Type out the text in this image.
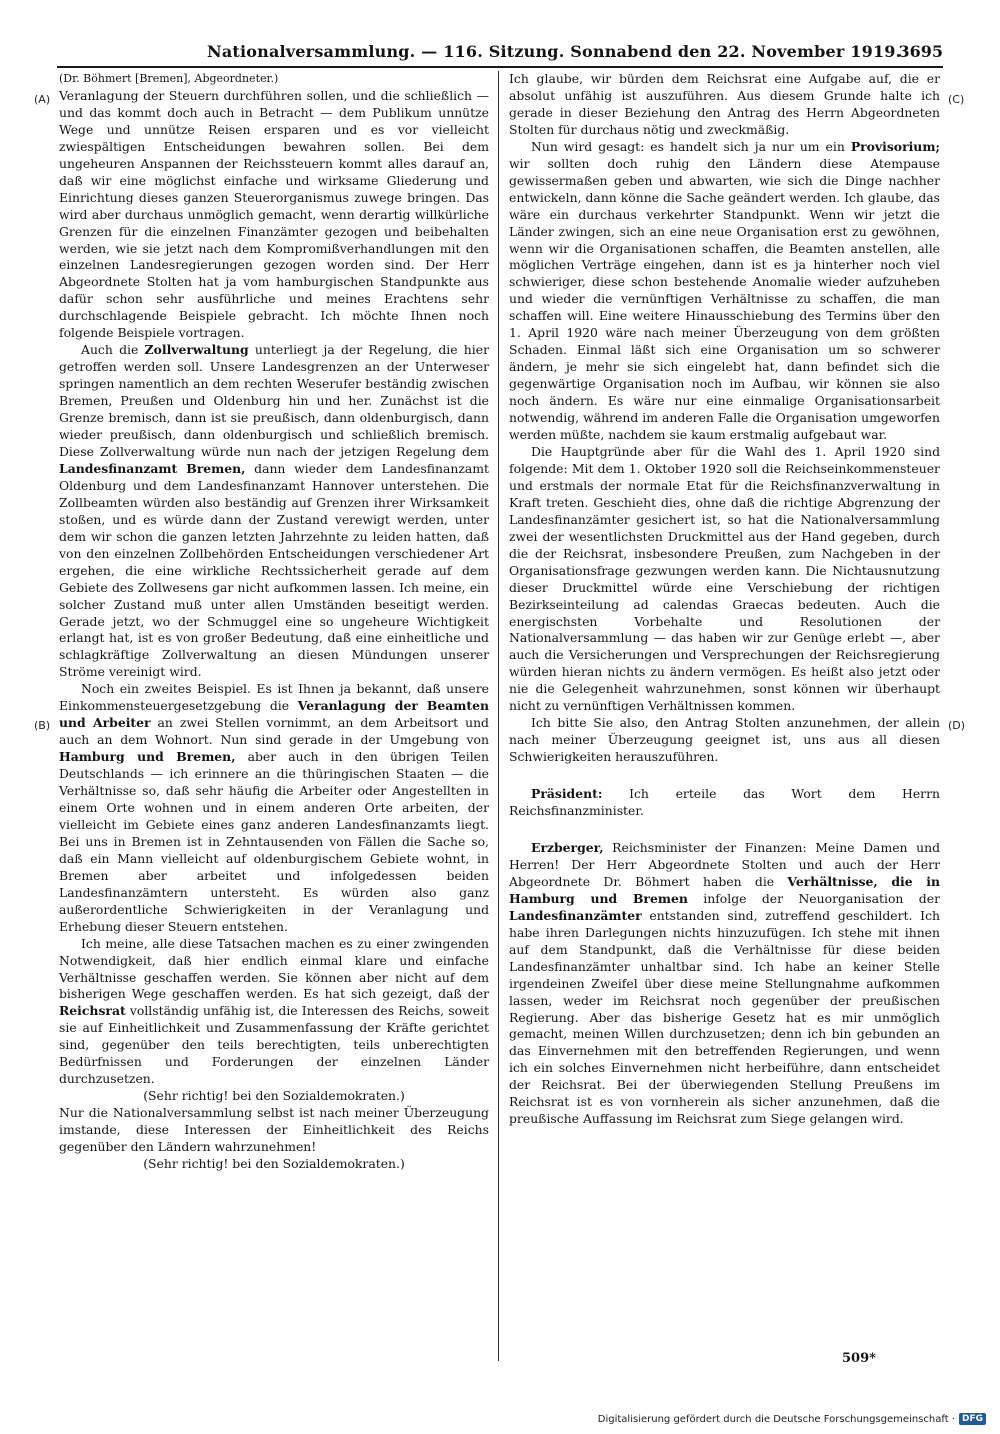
Nationalversammlung. — 116. Sitzung. Sonnabend den 22. November 1919.
3695
(A)
(B)
(C)
(D)

(Dr. Böhmert [Bremen], Abgeordneter.)

Veranlagung der Steuern durchführen sollen, und die schließlich — und das kommt doch auch in Betracht — dem Publikum unnütze Wege und unnütze Reisen ersparen und es vor vielleicht zwiespältigen Entscheidungen bewahren sollen. Bei dem ungeheuren Anspannen der Reichssteuern kommt alles darauf an, daß wir eine möglichst einfache und wirksame Gliederung und Einrichtung dieses ganzen Steuerorganismus zuwege bringen. Das wird aber durchaus unmöglich gemacht, wenn derartig willkürliche Grenzen für die einzelnen Finanzämter gezogen und beibehalten werden, wie sie jetzt nach dem Kompromißverhandlungen mit den einzelnen Landesregierungen gezogen worden sind. Der Herr Abgeordnete Stolten hat ja vom hamburgischen Standpunkte aus dafür schon sehr ausführliche und meines Erachtens sehr durchschlagende Beispiele gebracht. Ich möchte Ihnen noch folgende Beispiele vortragen.

Auch die Zollverwaltung unterliegt ja der Regelung, die hier getroffen werden soll. Unsere Landesgrenzen an der Unterweser springen namentlich an dem rechten Weserufer beständig zwischen Bremen, Preußen und Oldenburg hin und her. Zunächst ist die Grenze bremisch, dann ist sie preußisch, dann oldenburgisch, dann wieder preußisch, dann oldenburgisch und schließlich bremisch. Diese Zollverwaltung würde nun nach der jetzigen Regelung dem Landesfinanzamt Bremen, dann wieder dem Landesfinanzamt Oldenburg und dem Landesfinanzamt Hannover unterstehen. Die Zollbeamten würden also beständig auf Grenzen ihrer Wirksamkeit stoßen, und es würde dann der Zustand verewigt werden, unter dem wir schon die ganzen letzten Jahrzehnte zu leiden hatten, daß von den einzelnen Zollbehörden Entscheidungen verschiedener Art ergehen, die eine wirkliche Rechtssicherheit gerade auf dem Gebiete des Zollwesens gar nicht aufkommen lassen. Ich meine, ein solcher Zustand muß unter allen Umständen beseitigt werden. Gerade jetzt, wo der Schmuggel eine so ungeheure Wichtigkeit erlangt hat, ist es von großer Bedeutung, daß eine einheitliche und schlagkräftige Zollverwaltung an diesen Mündungen unserer Ströme vereinigt wird.

Noch ein zweites Beispiel. Es ist Ihnen ja bekannt, daß unsere Einkommensteuergesetzgebung die Veranlagung der Beamten und Arbeiter an zwei Stellen vornimmt, an dem Arbeitsort und auch an dem Wohnort. Nun sind gerade in der Umgebung von Hamburg und Bremen, aber auch in den übrigen Teilen Deutschlands — ich erinnere an die thüringischen Staaten — die Verhältnisse so, daß sehr häufig die Arbeiter oder Angestellten in einem Orte wohnen und in einem anderen Orte arbeiten, der vielleicht im Gebiete eines ganz anderen Landesfinanzamts liegt. Bei uns in Bremen ist in Zehntausenden von Fällen die Sache so, daß ein Mann vielleicht auf oldenburgischem Gebiete wohnt, in Bremen aber arbeitet und infolgedessen beiden Landesfinanzämtern untersteht. Es würden also ganz außerordentliche Schwierigkeiten in der Veranlagung und Erhebung dieser Steuern entstehen.

Ich meine, alle diese Tatsachen machen es zu einer zwingenden Notwendigkeit, daß hier endlich einmal klare und einfache Verhältnisse geschaffen werden. Sie können aber nicht auf dem bisherigen Wege geschaffen werden. Es hat sich gezeigt, daß der Reichsrat vollständig unfähig ist, die Interessen des Reichs, soweit sie auf Einheitlichkeit und Zusammenfassung der Kräfte gerichtet sind, gegenüber den teils berechtigten, teils unberechtigten Bedürfnissen und Forderungen der einzelnen Länder durchzusetzen.

(Sehr richtig! bei den Sozialdemokraten.)

Nur die Nationalversammlung selbst ist nach meiner Überzeugung imstande, diese Interessen der Einheitlichkeit des Reichs gegenüber den Ländern wahrzunehmen!

(Sehr richtig! bei den Sozialdemokraten.)

Ich glaube, wir bürden dem Reichsrat eine Aufgabe auf, die er absolut unfähig ist auszuführen. Aus diesem Grunde halte ich gerade in dieser Beziehung den Antrag des Herrn Abgeordneten Stolten für durchaus nötig und zweckmäßig.

Nun wird gesagt: es handelt sich ja nur um ein Provisorium; wir sollten doch ruhig den Ländern diese Atempause gewissermaßen geben und abwarten, wie sich die Dinge nachher entwickeln, dann könne die Sache geändert werden. Ich glaube, das wäre ein durchaus verkehrter Standpunkt. Wenn wir jetzt die Länder zwingen, sich an eine neue Organisation erst zu gewöhnen, wenn wir die Organisationen schaffen, die Beamten anstellen, alle möglichen Verträge eingehen, dann ist es ja hinterher noch viel schwieriger, diese schon bestehende Anomalie wieder aufzuheben und wieder die vernünftigen Verhältnisse zu schaffen, die man schaffen will. Eine weitere Hinausschiebung des Termins über den 1. April 1920 wäre nach meiner Überzeugung von dem größten Schaden. Einmal läßt sich eine Organisation um so schwerer ändern, je mehr sie sich eingelebt hat, dann befindet sich die gegenwärtige Organisation noch im Aufbau, wir können sie also noch ändern. Es wäre nur eine einmalige Organisationsarbeit notwendig, während im anderen Falle die Organisation umgeworfen werden müßte, nachdem sie kaum erstmalig aufgebaut war.

Die Hauptgründe aber für die Wahl des 1. April 1920 sind folgende: Mit dem 1. Oktober 1920 soll die Reichseinkommensteuer und erstmals der normale Etat für die Reichsfinanzverwaltung in Kraft treten. Geschieht dies, ohne daß die richtige Abgrenzung der Landesfinanzämter gesichert ist, so hat die Nationalversammlung zwei der wesentlichsten Druckmittel aus der Hand gegeben, durch die der Reichsrat, insbesondere Preußen, zum Nachgeben in der Organisationsfrage gezwungen werden kann. Die Nichtausnutzung dieser Druckmittel würde eine Verschiebung der richtigen Bezirkseinteilung ad calendas Graecas bedeuten. Auch die energischsten Vorbehalte und Resolutionen der Nationalversammlung — das haben wir zur Genüge erlebt —, aber auch die Versicherungen und Versprechungen der Reichsregierung würden hieran nichts zu ändern vermögen. Es heißt also jetzt oder nie die Gelegenheit wahrzunehmen, sonst können wir überhaupt nicht zu vernünftigen Verhältnissen kommen.

Ich bitte Sie also, den Antrag Stolten anzunehmen, der allein nach meiner Überzeugung geeignet ist, uns aus all diesen Schwierigkeiten herauszuführen.

Präsident: Ich erteile das Wort dem Herrn Reichsfinanzminister.

Erzberger, Reichsminister der Finanzen: Meine Damen und Herren! Der Herr Abgeordnete Stolten und auch der Herr Abgeordnete Dr. Böhmert haben die Verhältnisse, die in Hamburg und Bremen infolge der Neuorganisation der Landesfinanzämter entstanden sind, zutreffend geschildert. Ich habe ihren Darlegungen nichts hinzuzufügen. Ich stehe mit ihnen auf dem Standpunkt, daß die Verhältnisse für diese beiden Landesfinanzämter unhaltbar sind. Ich habe an keiner Stelle irgendeinen Zweifel über diese meine Stellungnahme aufkommen lassen, weder im Reichsrat noch gegenüber der preußischen Regierung. Aber das bisherige Gesetz hat es mir unmöglich gemacht, meinen Willen durchzusetzen; denn ich bin gebunden an das Einvernehmen mit den betreffenden Regierungen, und wenn ich ein solches Einvernehmen nicht herbeiführe, dann entscheidet der Reichsrat. Bei der überwiegenden Stellung Preußens im Reichsrat ist es von vornherein als sicher anzunehmen, daß die preußische Auffassung im Reichsrat zum Siege gelangen wird.

509*
Digitalisierung gefördert durch die Deutsche Forschungsgemeinschaft · DFG
